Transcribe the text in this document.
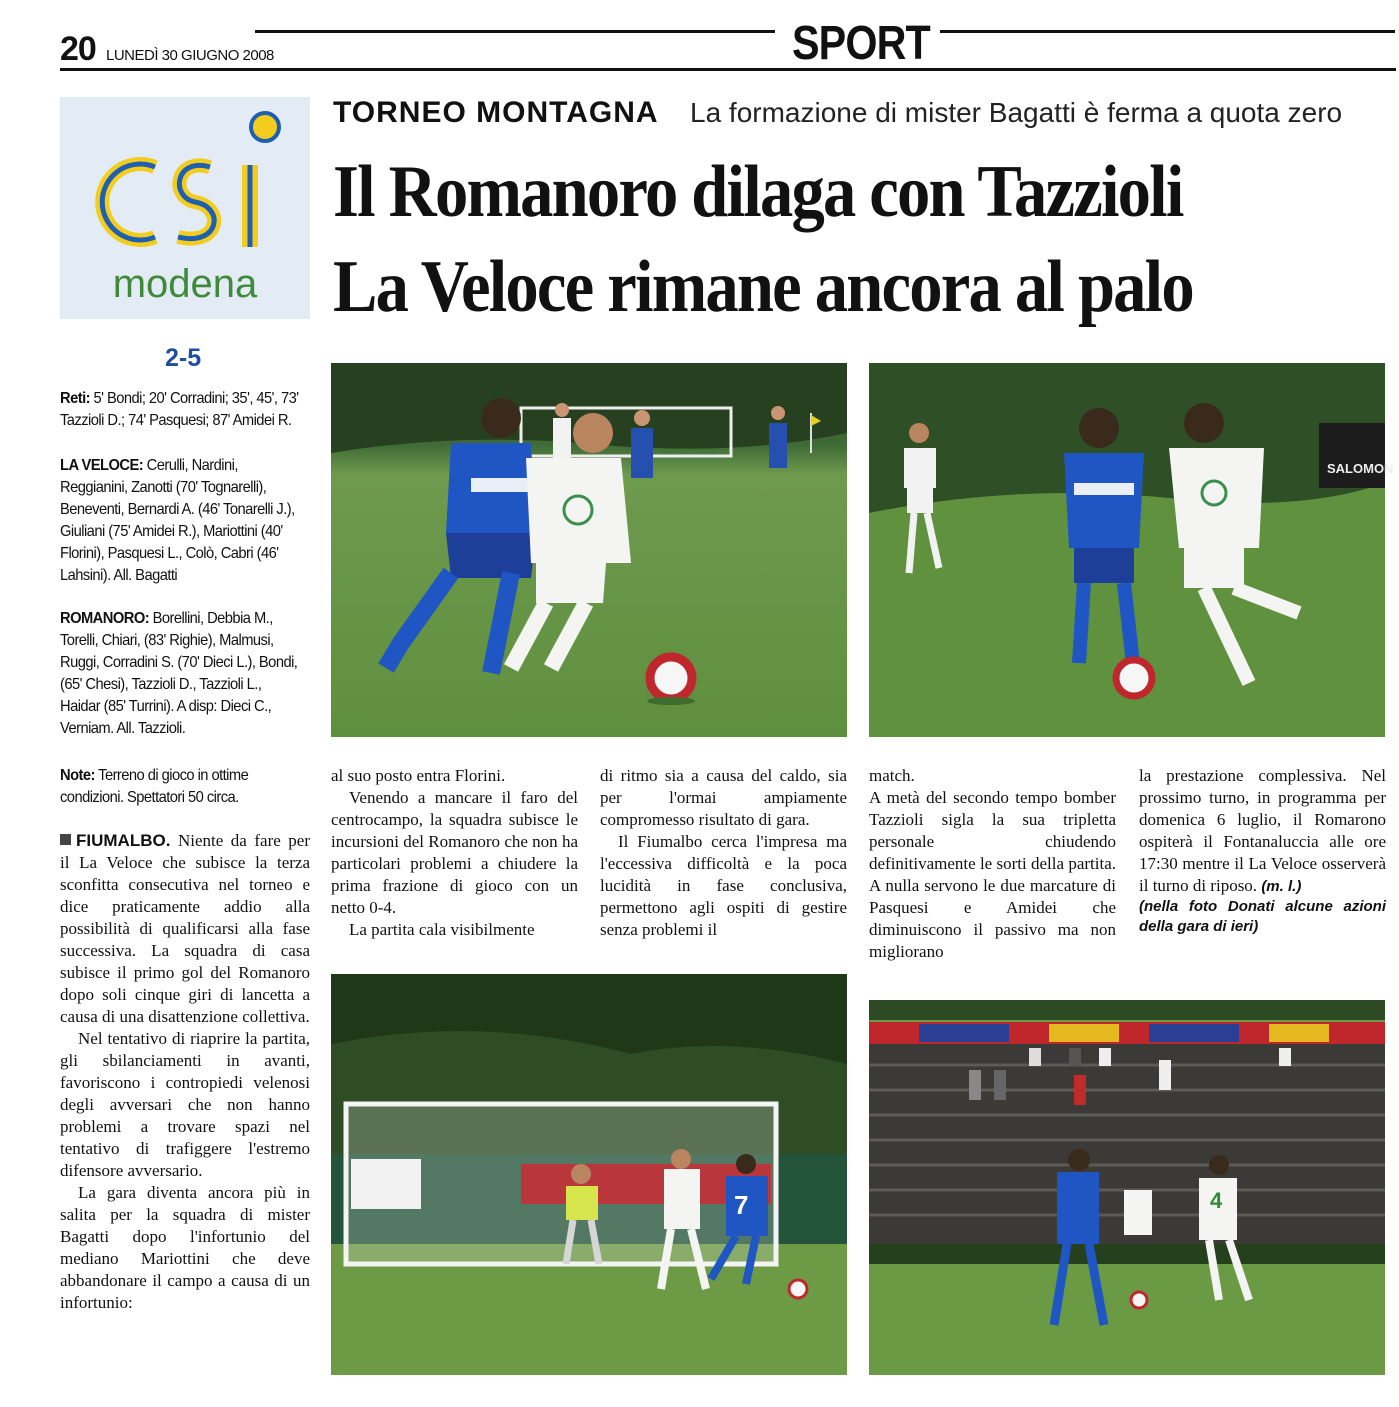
20 LUNEDÌ 30 GIUGNO 2008	SPORT
modena
TORNEO MONTAGNA La formazione di mister Bagatti è ferma a quota zero
Il Romanoro dilaga con Tazzioli
La Veloce rimane ancora al palo
2-5
Reti: 5' Bondi; 20' Corradini; 35', 45', 73' Tazzioli D.; 74' Pasquesi; 87' Amidei R.
LA VELOCE: Cerulli, Nardini, Reggianini, Zanotti (70' Tognarelli), Beneventi, Bernardi A. (46' Tonarelli J.), Giuliani (75' Amidei R.), Mariottini (40' Florini), Pasquesi L., Colò, Cabri (46' Lahsini). All. Bagatti
ROMANORO: Borellini, Debbia M., Torelli, Chiari, (83' Righie), Malmusi, Ruggi, Corradini S. (70' Dieci L.), Bondi, (65' Chesi), Tazzioli D., Tazzioli L., Haidar (85' Turrini). A disp: Dieci C., Verniam. All. Tazzioli.
Note: Terreno di gioco in ottime condizioni. Spettatori 50 circa.
SALOMON
7	4

FIUMALBO. Niente da fare per il La Veloce che subisce la terza sconfitta consecutiva nel torneo e dice praticamente addio alla possibilità di qualificarsi alla fase successiva. La squadra di casa subisce il primo gol del Romanoro dopo soli cinque giri di lancetta a causa di una disattenzione collettiva.

Nel tentativo di riaprire la partita, gli sbilanciamenti in avanti, favoriscono i contropiedi velenosi degli avversari che non hanno problemi a trovare spazi nel tentativo di trafiggere l'estremo difensore avversario.

La gara diventa ancora più in salita per la squadra di mister Bagatti dopo l'infortunio del mediano Mariottini che deve abbandonare il campo a causa di un infortunio:

al suo posto entra Florini.

Venendo a mancare il faro del centrocampo, la squadra subisce le incursioni del Romanoro che non ha particolari problemi a chiudere la prima frazione di gioco con un netto 0-4.

La partita cala visibilmente

di ritmo sia a causa del caldo, sia per l'ormai ampiamente compromesso risultato di gara.

Il Fiumalbo cerca l'impresa ma l'eccessiva difficoltà e la poca lucidità in fase conclusiva, permettono agli ospiti di gestire senza problemi il

match.

A metà del secondo tempo bomber Tazzioli sigla la sua tripletta personale chiudendo definitivamente le sorti della partita. A nulla servono le due marcature di Pasquesi e Amidei che diminuiscono il passivo ma non migliorano

la prestazione complessiva. Nel prossimo turno, in programma per domenica 6 luglio, il Romarono ospiterà il Fontanaluccia alle ore 17:30 mentre il La Veloce osserverà il turno di riposo. (m. l.)

(nella foto Donati alcune azioni della gara di ieri)
